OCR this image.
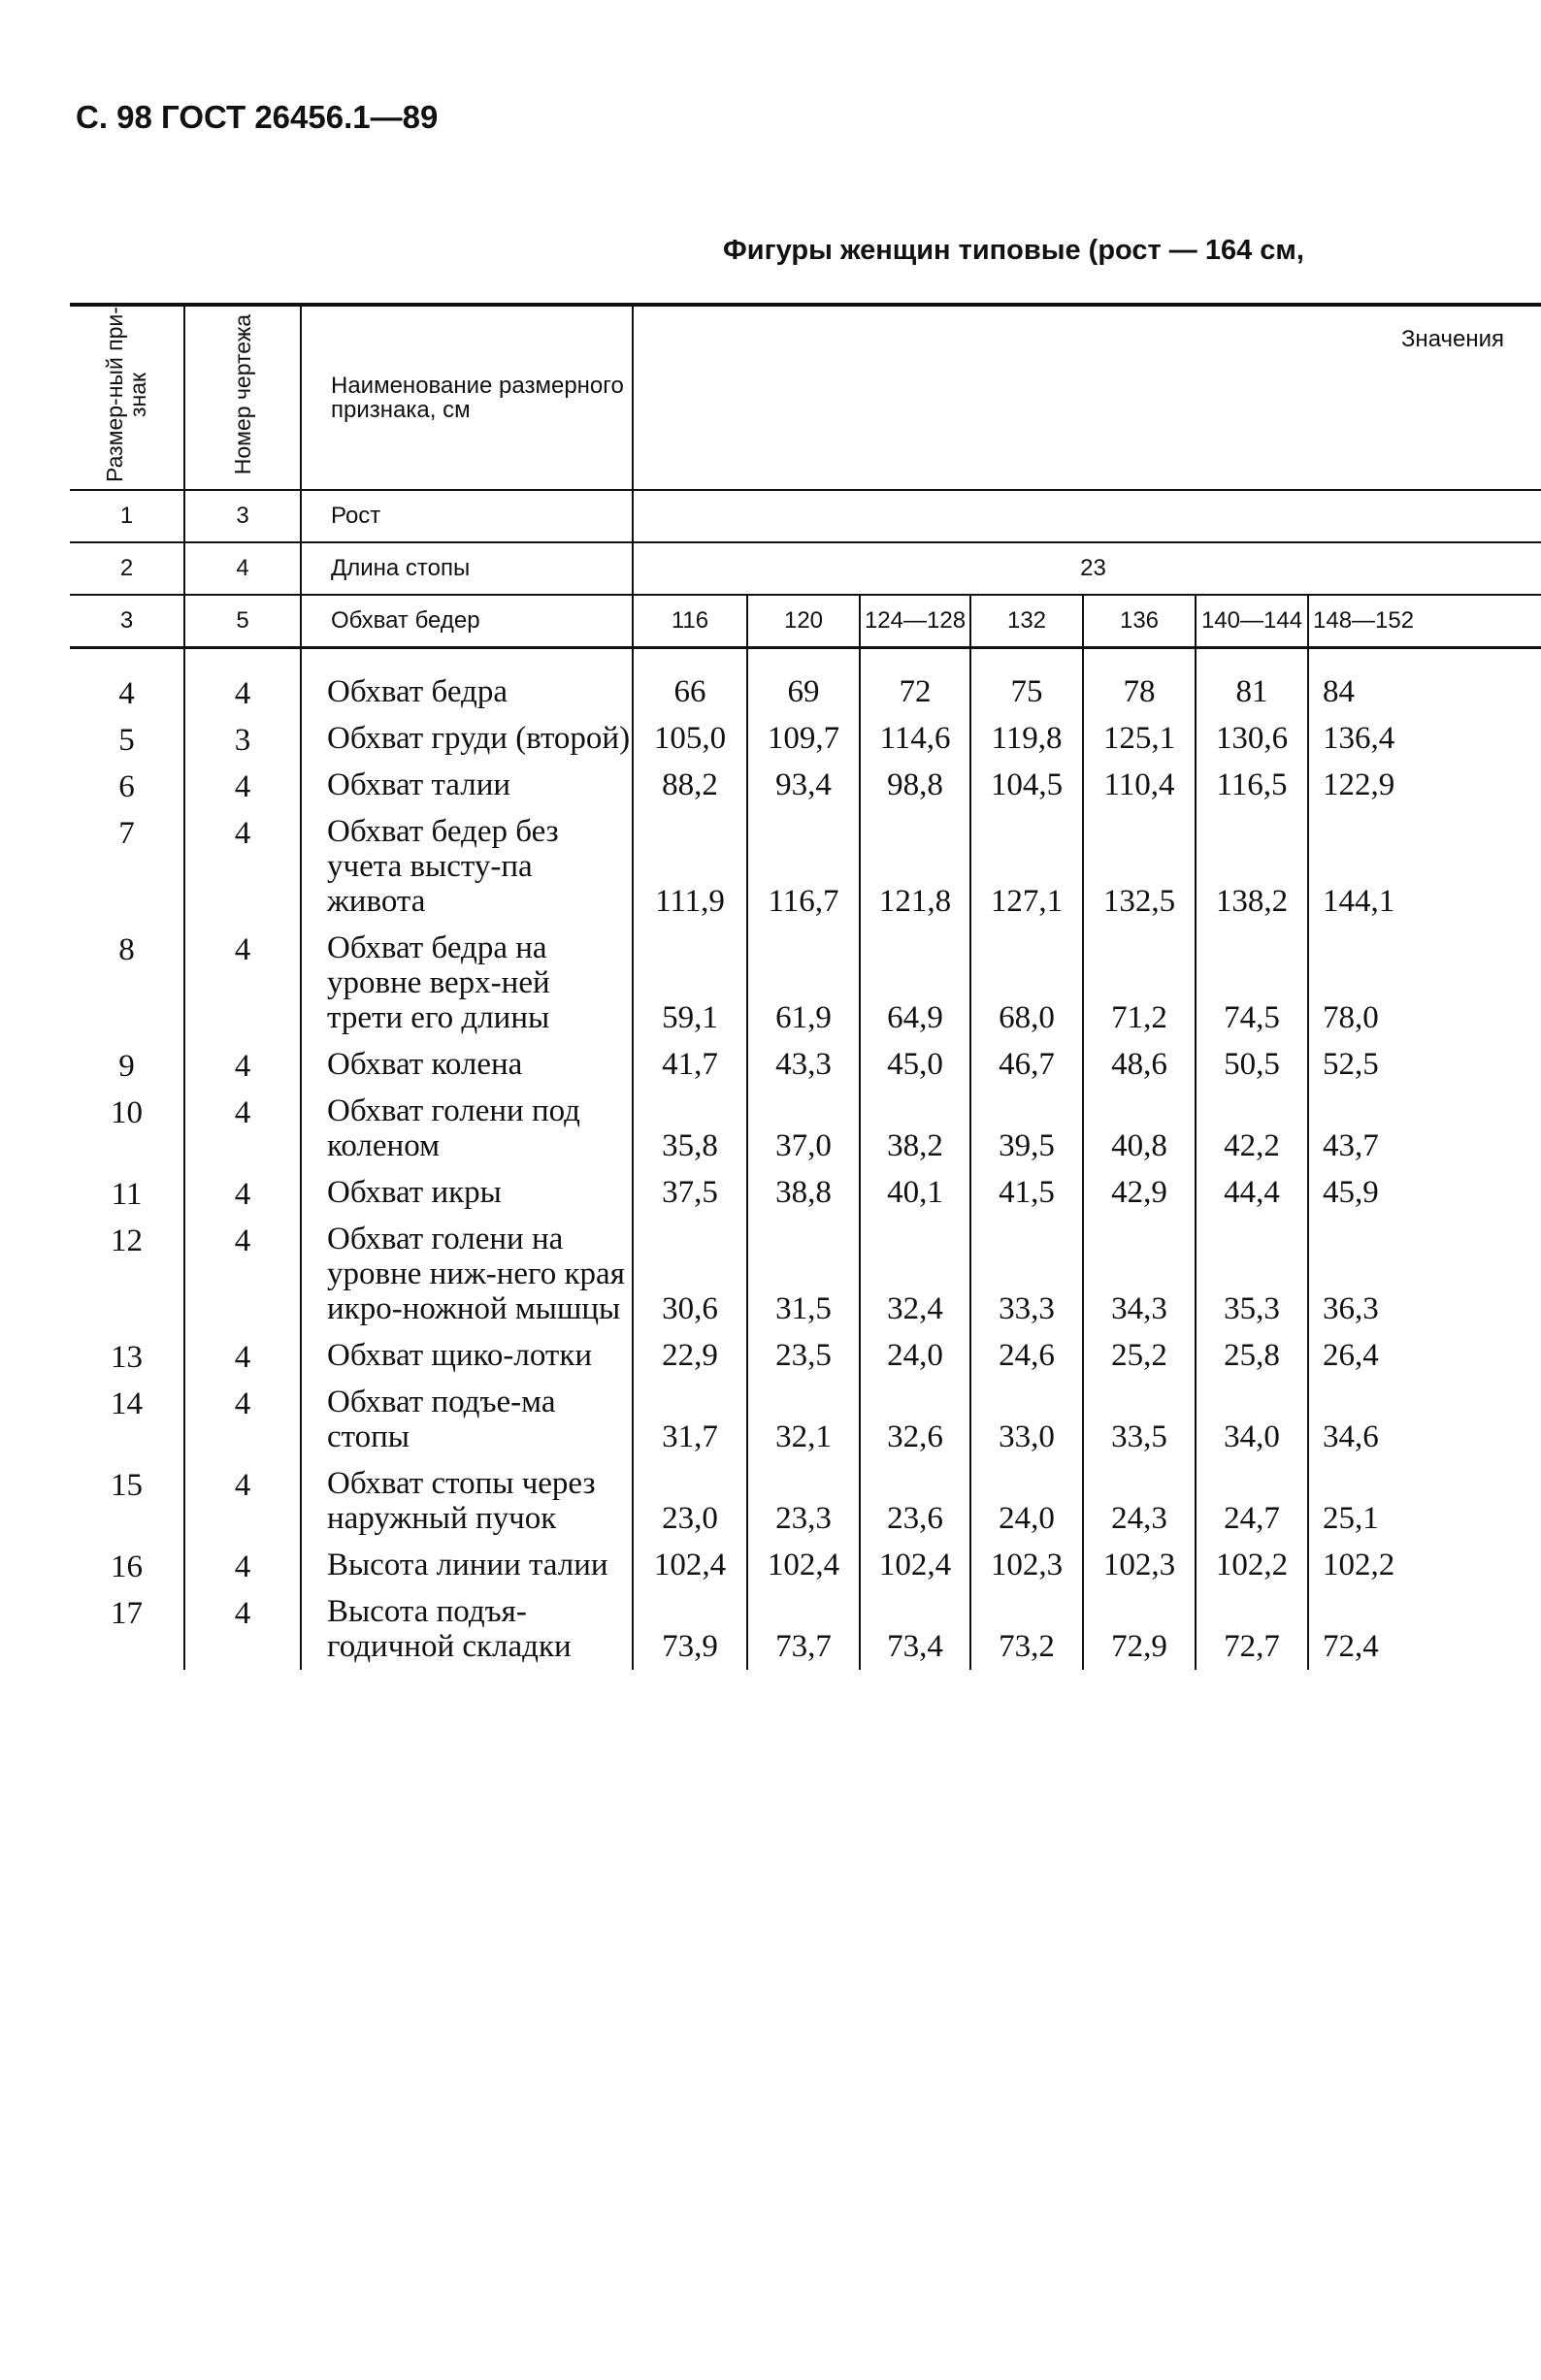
С. 98 ГОСТ 26456.1—89
Фигуры женщин типовые (рост — 164 см,
Размер-ный при-знак	Номер чертежа	Наименование размерного признака, см	Значения						
1	3	Рост							
2	4	Длина стопы	23						
3	5	Обхват бедер	116	120	124—128	132	136	140—144	148—152

4	4	Обхват бедра	66	69	72	75	78	81	84
5	3	Обхват груди (второй)	105,0	109,7	114,6	119,8	125,1	130,6	136,4
6	4	Обхват талии	88,2	93,4	98,8	104,5	110,4	116,5	122,9
7	4	Обхват бедер без учета высту-па живота	111,9	116,7	121,8	127,1	132,5	138,2	144,1
8	4	Обхват бедра на уровне верх-ней трети его длины	59,1	61,9	64,9	68,0	71,2	74,5	78,0
9	4	Обхват колена	41,7	43,3	45,0	46,7	48,6	50,5	52,5
10	4	Обхват голени под коленом	35,8	37,0	38,2	39,5	40,8	42,2	43,7
11	4	Обхват икры	37,5	38,8	40,1	41,5	42,9	44,4	45,9
12	4	Обхват голени на уровне ниж-него края икро-ножной мышцы	30,6	31,5	32,4	33,3	34,3	35,3	36,3
13	4	Обхват щико-лотки	22,9	23,5	24,0	24,6	25,2	25,8	26,4
14	4	Обхват подъе-ма стопы	31,7	32,1	32,6	33,0	33,5	34,0	34,6
15	4	Обхват стопы через наружный пучок	23,0	23,3	23,6	24,0	24,3	24,7	25,1
16	4	Высота линии талии	102,4	102,4	102,4	102,3	102,3	102,2	102,2
17	4	Высота подъя-годичной складки	73,9	73,7	73,4	73,2	72,9	72,7	72,4
